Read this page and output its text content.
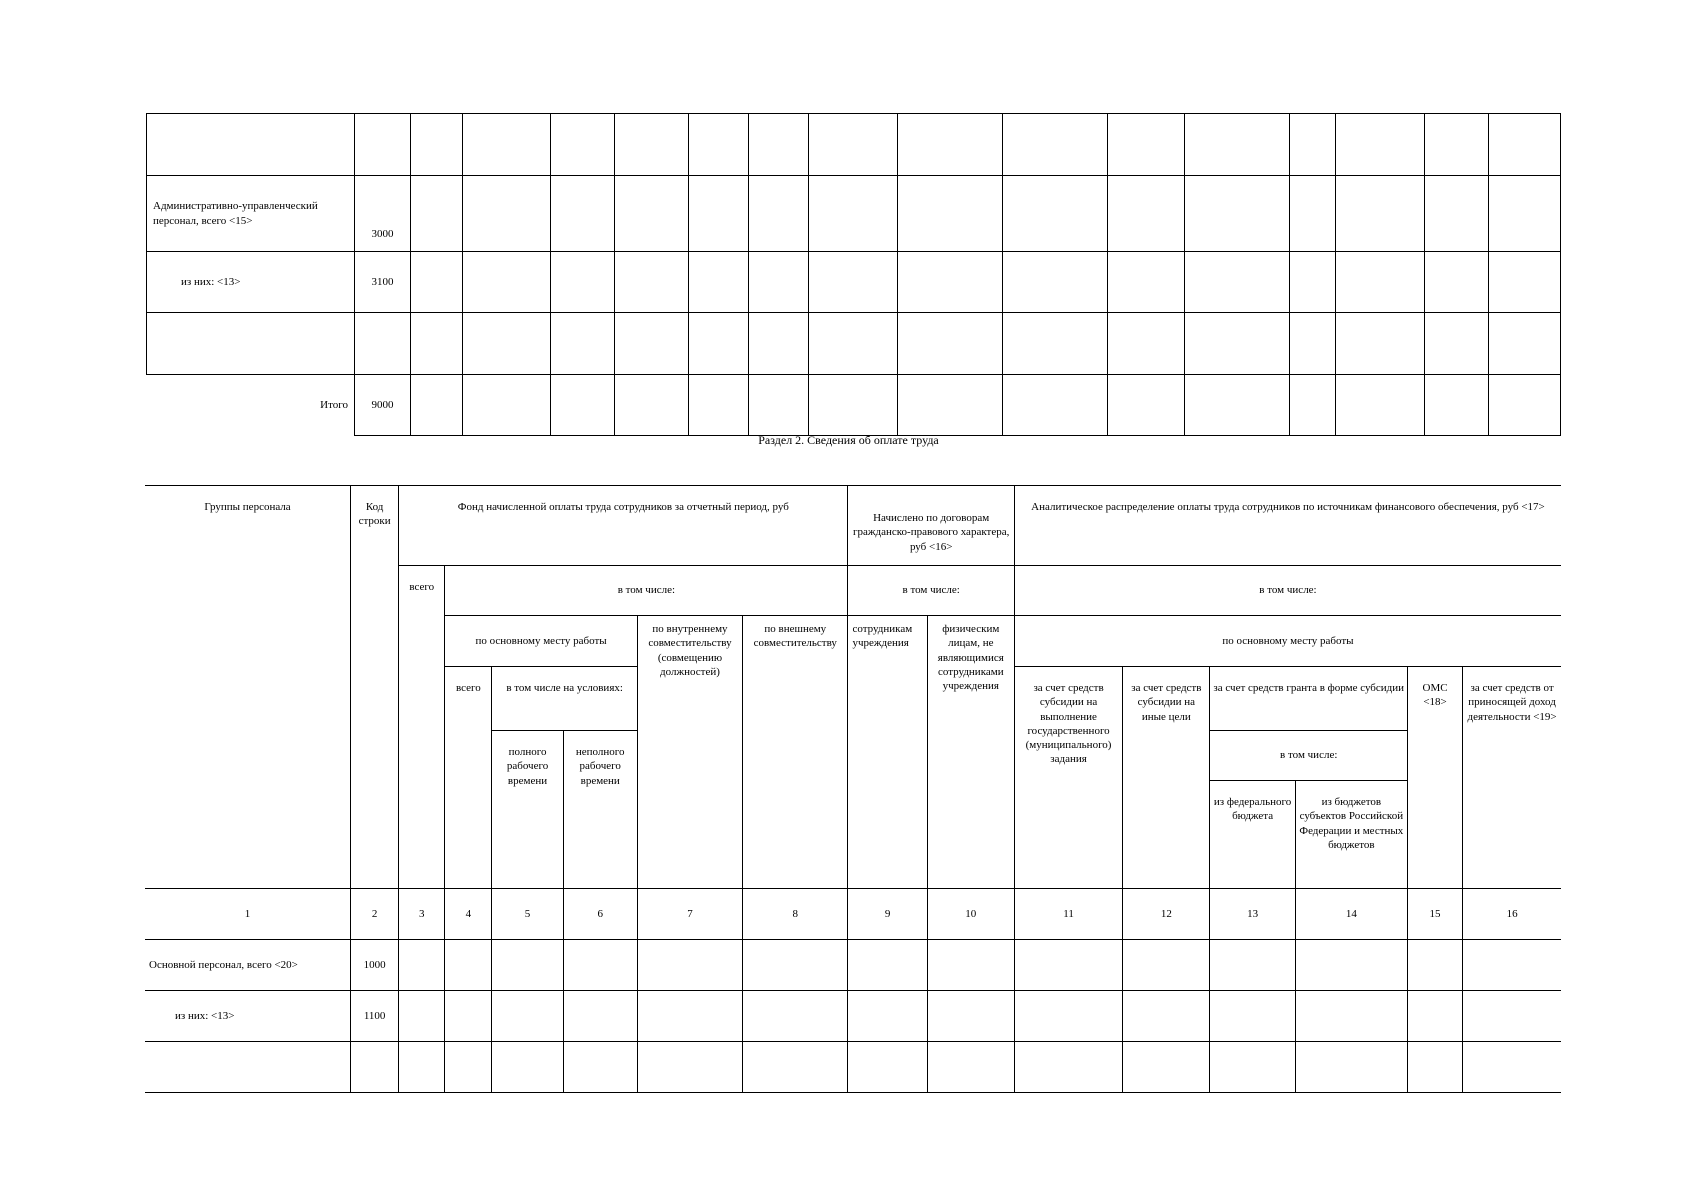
Административно-управленческий персонал, всего <15>	3000															
из них: <13>	3100															

Итого	9000															
Раздел 2. Сведения об оплате труда
Группы персонала	Код строки	Фонд начисленной оплаты труда сотрудников за отчетный период, руб						Начислено по договорам гражданско-правового характера, руб <16>		Аналитическое распределение оплаты труда сотрудников по источникам финансового обеспечения, руб <17>					
		всего	в том числе:					в том числе:		в том числе:					
			по основному месту работы			по внутреннему совместительству (совмещению должностей)	по внешнему совместительству	сотрудникам учреждения	физическим лицам, не являющимися сотрудниками учреждения	по основному месту работы					
			всего	в том числе на условиях:						за счет средств субсидии на выполнение государственного (муниципального) задания	за счет средств субсидии на иные цели	за счет средств гранта в форме субсидии		ОМС <18>	за счет средств от приносящей доход деятельности <19>
				полного рабочего времени	неполного рабочего времени							в том числе:			
												из федерального бюджета	из бюджетов субъектов Российской Федерации и местных бюджетов		

1	2	3	4	5	6	7	8	9	10	11	12	13	14	15	16
Основной персонал, всего <20>	1000														
из них: <13>	1100														
